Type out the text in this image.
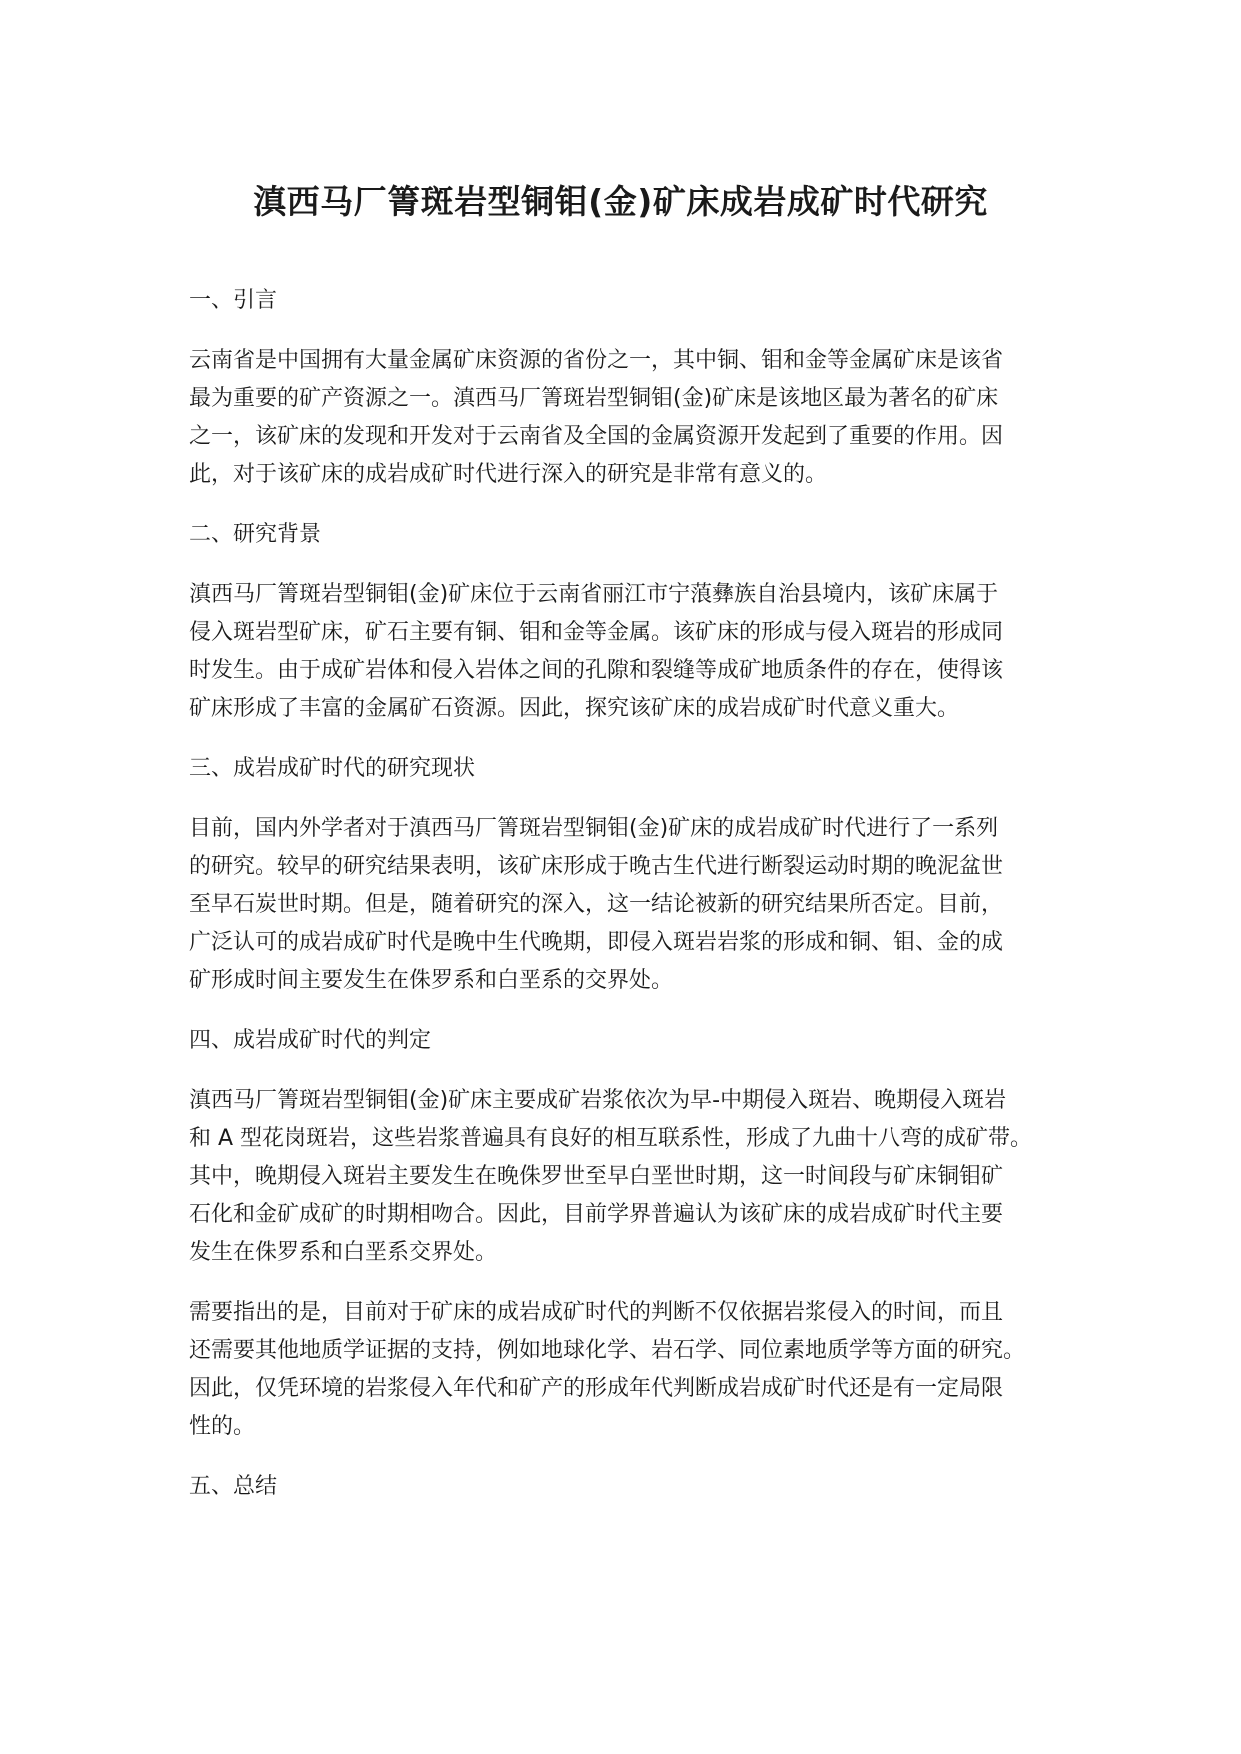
滇西马厂箐斑岩型铜钼(金)矿床成岩成矿时代研究
一、引言
云南省是中国拥有大量金属矿床资源的省份之一，其中铜、钼和金等金属矿床是该省
最为重要的矿产资源之一。滇西马厂箐斑岩型铜钼(金)矿床是该地区最为著名的矿床
之一，该矿床的发现和开发对于云南省及全国的金属资源开发起到了重要的作用。因
此，对于该矿床的成岩成矿时代进行深入的研究是非常有意义的。
二、研究背景
滇西马厂箐斑岩型铜钼(金)矿床位于云南省丽江市宁蒗彝族自治县境内，该矿床属于
侵入斑岩型矿床，矿石主要有铜、钼和金等金属。该矿床的形成与侵入斑岩的形成同
时发生。由于成矿岩体和侵入岩体之间的孔隙和裂缝等成矿地质条件的存在，使得该
矿床形成了丰富的金属矿石资源。因此，探究该矿床的成岩成矿时代意义重大。
三、成岩成矿时代的研究现状
目前，国内外学者对于滇西马厂箐斑岩型铜钼(金)矿床的成岩成矿时代进行了一系列
的研究。较早的研究结果表明，该矿床形成于晚古生代进行断裂运动时期的晚泥盆世
至早石炭世时期。但是，随着研究的深入，这一结论被新的研究结果所否定。目前，
广泛认可的成岩成矿时代是晚中生代晚期，即侵入斑岩岩浆的形成和铜、钼、金的成
矿形成时间主要发生在侏罗系和白垩系的交界处。
四、成岩成矿时代的判定
滇西马厂箐斑岩型铜钼(金)矿床主要成矿岩浆依次为早-中期侵入斑岩、晚期侵入斑岩
和 A 型花岗斑岩，这些岩浆普遍具有良好的相互联系性，形成了九曲十八弯的成矿带。
其中，晚期侵入斑岩主要发生在晚侏罗世至早白垩世时期，这一时间段与矿床铜钼矿
石化和金矿成矿的时期相吻合。因此，目前学界普遍认为该矿床的成岩成矿时代主要
发生在侏罗系和白垩系交界处。
需要指出的是，目前对于矿床的成岩成矿时代的判断不仅依据岩浆侵入的时间，而且
还需要其他地质学证据的支持，例如地球化学、岩石学、同位素地质学等方面的研究。
因此，仅凭环境的岩浆侵入年代和矿产的形成年代判断成岩成矿时代还是有一定局限
性的。
五、总结
